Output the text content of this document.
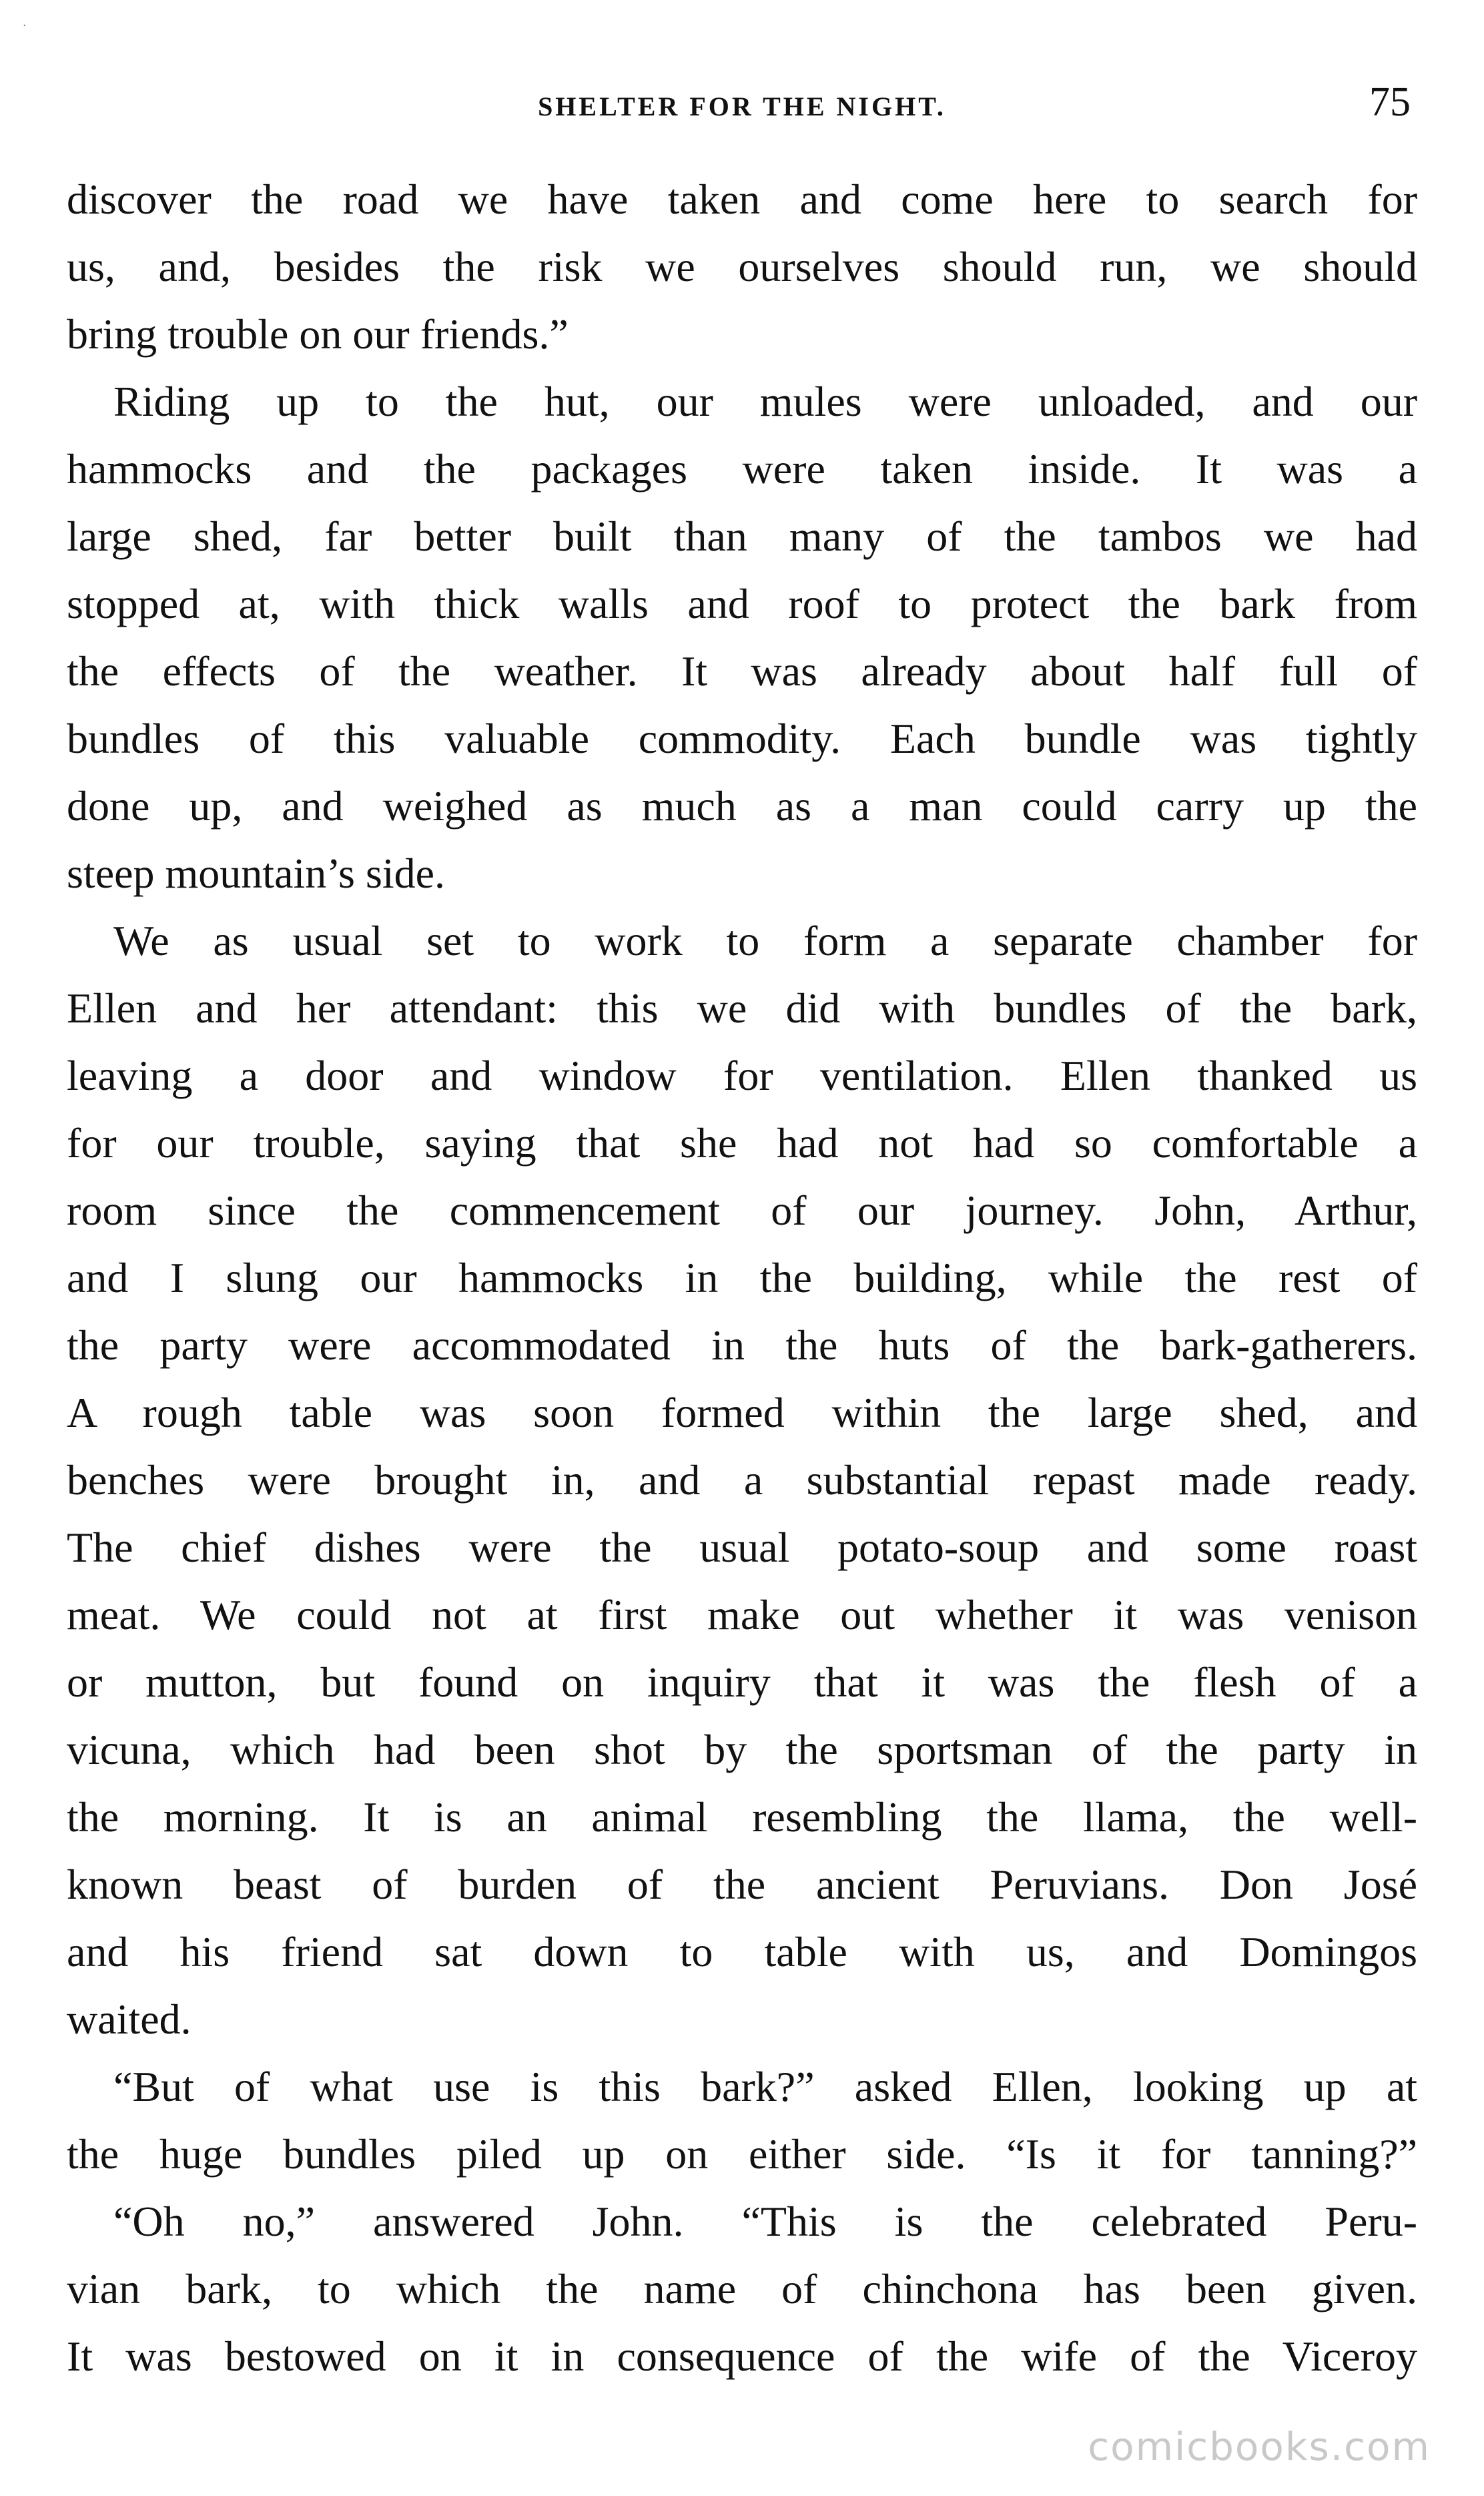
·
SHELTER FOR THE NIGHT.	75
discover the road we have taken and come here to search for
us, and, besides the risk we ourselves should run, we should
bring trouble on our friends.”
Riding up to the hut, our mules were unloaded, and our
hammocks and the packages were taken inside. It was a
large shed, far better built than many of the tambos we had
stopped at, with thick walls and roof to protect the bark from
the effects of the weather. It was already about half full of
bundles of this valuable commodity. Each bundle was tightly
done up, and weighed as much as a man could carry up the
steep mountain’s side.
We as usual set to work to form a separate chamber for
Ellen and her attendant: this we did with bundles of the bark,
leaving a door and window for ventilation. Ellen thanked us
for our trouble, saying that she had not had so comfortable a
room since the commencement of our journey. John, Arthur,
and I slung our hammocks in the building, while the rest of
the party were accommodated in the huts of the bark-gatherers.
A rough table was soon formed within the large shed, and
benches were brought in, and a substantial repast made ready.
The chief dishes were the usual potato-soup and some roast
meat. We could not at first make out whether it was venison
or mutton, but found on inquiry that it was the flesh of a
vicuna, which had been shot by the sportsman of the party in
the morning. It is an animal resembling the llama, the well-
known beast of burden of the ancient Peruvians. Don José
and his friend sat down to table with us, and Domingos
waited.
“But of what use is this bark?” asked Ellen, looking up at
the huge bundles piled up on either side. “Is it for tanning?”
“Oh no,” answered John. “This is the celebrated Peru-
vian bark, to which the name of chinchona has been given.
It was bestowed on it in consequence of the wife of the Viceroy
comicbooks.com
